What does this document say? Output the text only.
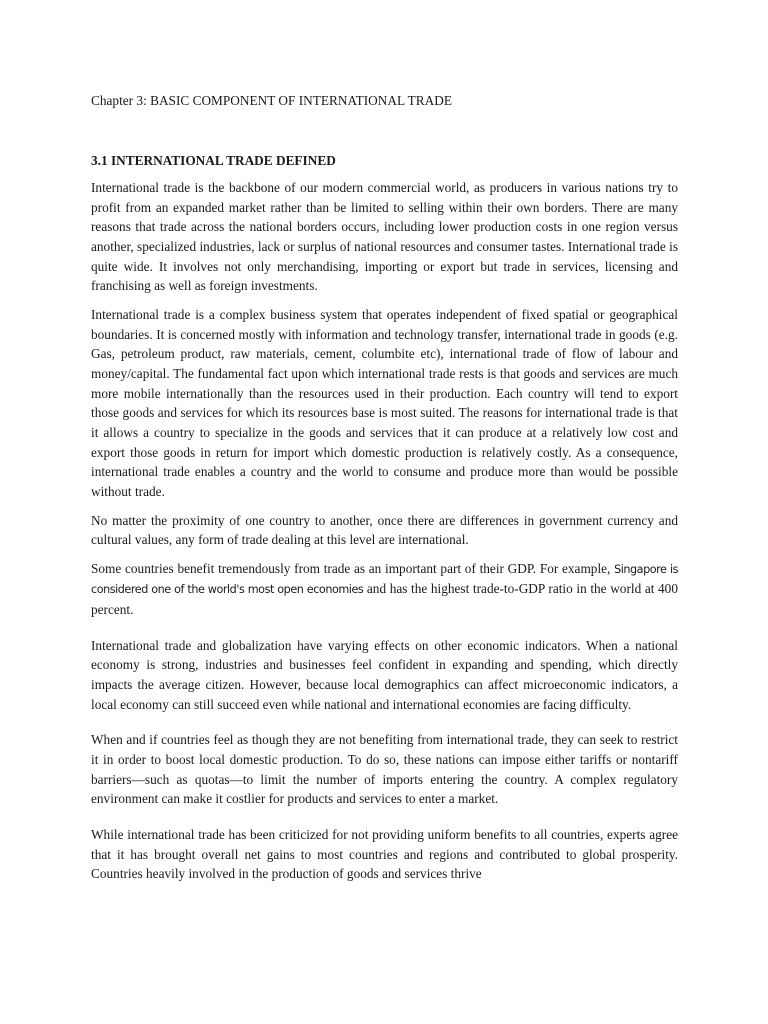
Chapter 3: BASIC COMPONENT OF INTERNATIONAL TRADE

3.1 INTERNATIONAL TRADE DEFINED

International trade is the backbone of our modern commercial world, as producers in various nations try to profit from an expanded market rather than be limited to selling within their own borders. There are many reasons that trade across the national borders occurs, including lower production costs in one region versus another, specialized industries, lack or surplus of national resources and consumer tastes. International trade is quite wide. It involves not only merchandising, importing or export but trade in services, licensing and franchising as well as foreign investments.

International trade is a complex business system that operates independent of fixed spatial or geographical boundaries. It is concerned mostly with information and technology transfer, international trade in goods (e.g. Gas, petroleum product, raw materials, cement, columbite etc), international trade of flow of labour and money/capital. The fundamental fact upon which international trade rests is that goods and services are much more mobile internationally than the resources used in their production. Each country will tend to export those goods and services for which its resources base is most suited. The reasons for international trade is that it allows a country to specialize in the goods and services that it can produce at a relatively low cost and export those goods in return for import which domestic production is relatively costly. As a consequence, international trade enables a country and the world to consume and produce more than would be possible without trade.

No matter the proximity of one country to another, once there are differences in government currency and cultural values, any form of trade dealing at this level are international.

Some countries benefit tremendously from trade as an important part of their GDP. For example, Singapore is considered one of the world's most open economies and has the highest trade-to-GDP ratio in the world at 400 percent.

International trade and globalization have varying effects on other economic indicators. When a national economy is strong, industries and businesses feel confident in expanding and spending, which directly impacts the average citizen. However, because local demographics can affect microeconomic indicators, a local economy can still succeed even while national and international economies are facing difficulty.

When and if countries feel as though they are not benefiting from international trade, they can seek to restrict it in order to boost local domestic production. To do so, these nations can impose either tariffs or nontariff barriers—such as quotas—to limit the number of imports entering the country. A complex regulatory environment can make it costlier for products and services to enter a market.

While international trade has been criticized for not providing uniform benefits to all countries, experts agree that it has brought overall net gains to most countries and regions and contributed to global prosperity. Countries heavily involved in the production of goods and services thrive
